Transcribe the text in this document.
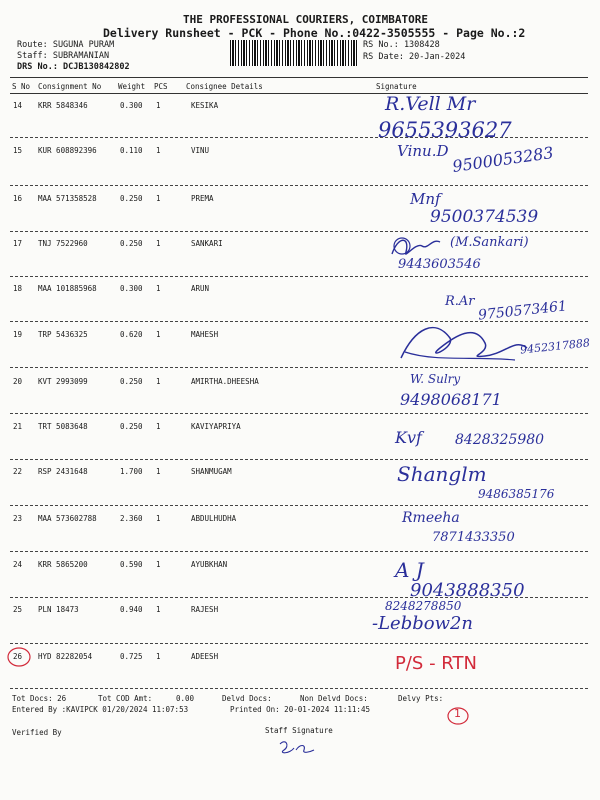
THE PROFESSIONAL COURIERS, COIMBATORE
Delivery Runsheet - PCK - Phone No.:0422-3505555 - Page No.:2
Route: SUGUNA PURAM
Staff: SUBRAMANIAN
DRS No.: DCJB130842802
RS No.: 1308428
RS Date: 20-Jan-2024
S No Consignment No Weight PCS Consignee Details	Signature
14 KRR 5848346	0.300 1	KESIKA	R.Vell Mr
9655393627
15 KUR 608892396	0.110 1	VINU	Vinu.D 9500053283
16 MAA 571358528	0.250 1	PREMA	Mnf
9500374539
17 TNJ 7522960	0.250 1	SANKARI	(M.Sankari)
9443603546
18 MAA 101885968	0.300 1	ARUN
R.Ar 9750573461
19 TRP 5436325	0.620 1	MAHESH
9452317888
20 KVT 2993099	0.250 1	AMIRTHA.DHEESHA	W. Sulry
9498068171
21 TRT 5083648	0.250 1	KAVIYAPRIYA
Kvf 8428325980
22 RSP 2431648	1.700 1	SHANMUGAM	Shanglm
9486385176
23 MAA 573602788	2.360 1	ABDULHUDHA	Rmeeha
7871433350
24 KRR 5865200	0.590 1	AYUBKHAN	A J
9043888350
25 PLN 18473	0.940 1	RAJESH	8248278850
-Lebbow2n
26 HYD 82282054	0.725 1	ADEESH	P/S - RTN
Tot Docs: 26	Tot COD Amt:	0.00	Delvd Docs:	Non Delvd Docs:	Delvy Pts:
1
Entered By :KAVIPCK 01/20/2024 11:07:53	Printed On: 20-01-2024 11:11:45
Verified By	Staff Signature
